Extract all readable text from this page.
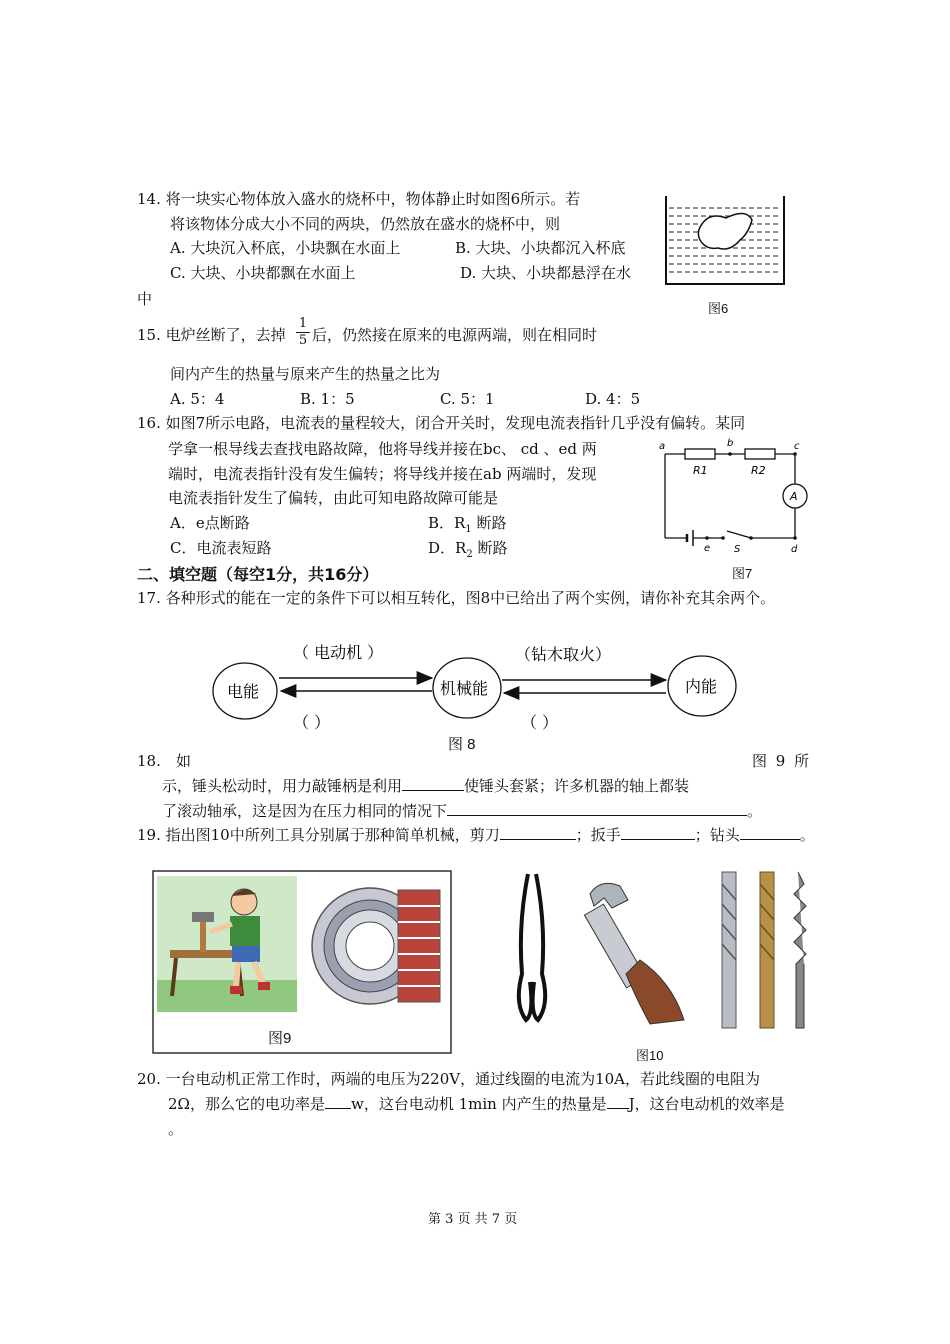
14. 将一块实心物体放入盛水的烧杯中，物体静止时如图6所示。若
将该物体分成大小不同的两块，仍然放在盛水的烧杯中，则
A. 大块沉入杯底，小块飘在水面上	B. 大块、小块都沉入杯底
C. 大块、小块都飘在水面上	D. 大块、小块都悬浮在水
中
图6
15. 电炉丝断了，去掉 $\frac{1}{5}$ 后，仍然接在原来的电源两端，则在相同时
间内产生的热量与原来产生的热量之比为
A. 5：4	B. 1：5	C. 5：1	D. 4：5
16. 如图7所示电路，电流表的量程较大，闭合开关时，发现电流表指针几乎没有偏转。某同
学拿一根导线去查找电路故障，他将导线并接在bc、 cd 、ed 两
端时，电流表指针没有发生偏转；将导线并接在ab 两端时，发现
电流表指针发生了偏转，由此可知电路故障可能是
A．e点断路	B．$R_1$ 断路
C．电流表短路	D．$R_2$ 断路
a	b	c
d
e S
R1	R2
A
图7
二、填空题（每空1分，共16分）
17. 各种形式的能在一定的条件下可以相互转化，图8中已给出了两个实例，请你补充其余两个。
电能	机械能	内能
（ 电动机 ）	（钻木取火）
（ ）	（ ）
图 8
18. 如	图 9 所
示，锤头松动时，用力敲锤柄是利用	使锤头套紧；许多机器的轴上都装
了滚动轴承，这是因为在压力相同的情况下	。
19. 指出图10中所列工具分别属于那种简单机械，剪刀	；扳手	；钻头	。
图9
图10
20. 一台电动机正常工作时，两端的电压为220V，通过线圈的电流为10A，若此线圈的电阻为
2Ω，那么它的电功率是 w，这台电动机 1min 内产生的热量是 J，这台电动机的效率是
。
第 3 页 共 7 页
